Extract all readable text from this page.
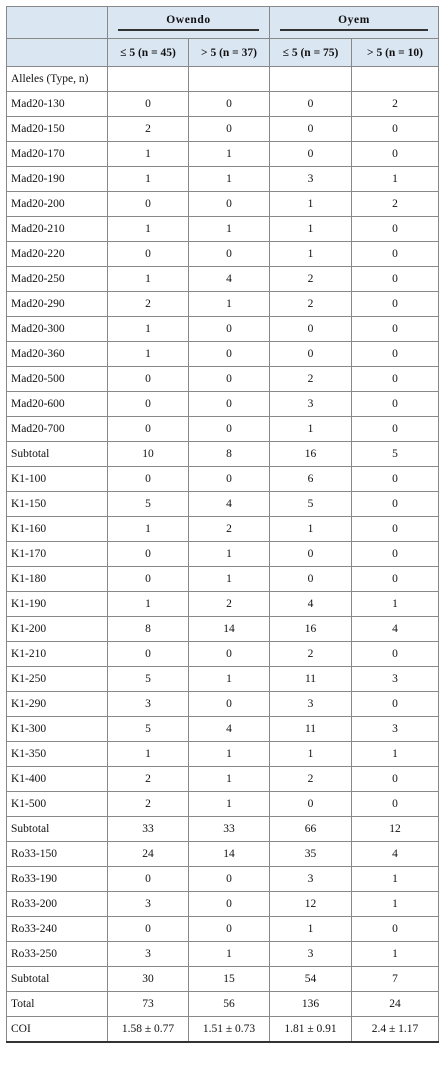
	Owendo		Oyem	

	≤ 5 (n = 45)	> 5 (n = 37)	≤ 5 (n = 75)	> 5 (n = 10)
Alleles (Type, n)				
Mad20-130	0	0	0	2
Mad20-150	2	0	0	0
Mad20-170	1	1	0	0
Mad20-190	1	1	3	1
Mad20-200	0	0	1	2
Mad20-210	1	1	1	0
Mad20-220	0	0	1	0
Mad20-250	1	4	2	0
Mad20-290	2	1	2	0
Mad20-300	1	0	0	0
Mad20-360	1	0	0	0
Mad20-500	0	0	2	0
Mad20-600	0	0	3	0
Mad20-700	0	0	1	0
Subtotal	10	8	16	5
K1-100	0	0	6	0
K1-150	5	4	5	0
K1-160	1	2	1	0
K1-170	0	1	0	0
K1-180	0	1	0	0
K1-190	1	2	4	1
K1-200	8	14	16	4
K1-210	0	0	2	0
K1-250	5	1	11	3
K1-290	3	0	3	0
K1-300	5	4	11	3
K1-350	1	1	1	1
K1-400	2	1	2	0
K1-500	2	1	0	0
Subtotal	33	33	66	12
Ro33-150	24	14	35	4
Ro33-190	0	0	3	1
Ro33-200	3	0	12	1
Ro33-240	0	0	1	0
Ro33-250	3	1	3	1
Subtotal	30	15	54	7
Total	73	56	136	24
COI	1.58 ± 0.77	1.51 ± 0.73	1.81 ± 0.91	2.4 ± 1.17
